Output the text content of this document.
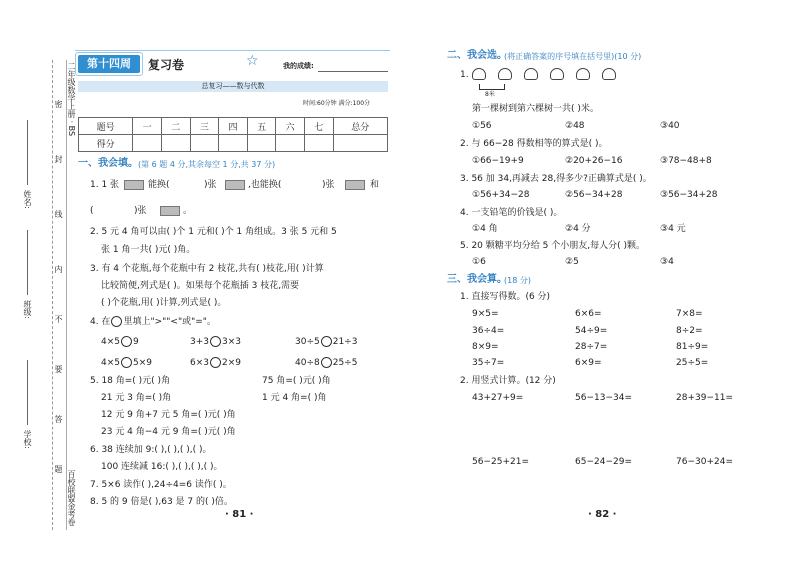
姓名:
班级:
学校:
密
封
线
内
不
要
答
题
二年级数学上册 · BS
百校联盟金考卷
第十四周	复习卷	☆	我的成绩:
总复习——数与代数
时间:60分钟 满分:100分
题号	一	二	三	四	五	六	七	总分
得分								
一、我会填。 (第 6 题 4 分,其余每空 1 分,共 37 分)
1. 1 张	能换(	)张	,也能换(	)张	和
(	)张	。
2. 5 元 4 角可以由( )个 1 元和( )个 1 角组成。3 张 5 元和 5
张 1 角一共( )元( )角。
3. 有 4 个花瓶,每个花瓶中有 2 枝花,共有( )枝花,用( )计算
比较简便,列式是( )。如果每个花瓶插 3 枝花,需要
( )个花瓶,用( )计算,列式是( )。
4. 在 里填上">""<"或"="。
4×5 9	3+3 3×3	30÷5 21÷3
4×5 5×9	6×3 2×9	40÷8 25÷5
5. 18 角=( )元( )角	75 角=( )元( )角
21 元 3 角=( )角	1 元 4 角=( )角
12 元 9 角+7 元 5 角=( )元( )角
23 元 4 角−4 元 9 角=( )元( )角
6. 38 连续加 9:( ),( ),( ),( )。
100 连续减 16:( ),( ),( ),( )。
7. 5×6 读作( ),24÷4=6 读作( )。
8. 5 的 9 倍是( ),63 是 7 的( )倍。
· 81 ·
二、我会选。
(将正确答案的序号填在括号里)(10 分)
1.
8米
第一棵树到第六棵树一共( )米。
①56	②48	③40
2. 与 66−28 得数相等的算式是( )。
①66−19+9	②20+26−16	③78−48+8
3. 56 加 34,再减去 28,得多少?正确算式是( )。
①56+34−28	②56−34+28	③56−34+28
4. 一支铅笔的价钱是( )。
①4 角	②4 分	③4 元
5. 20 颗糖平均分给 5 个小朋友,每人分( )颗。
①6	②5	③4
三、我会算。
(18 分)
1. 直接写得数。(6 分)
9×5=	6×6=	7×8=
36÷4=	54÷9=	8÷2=
8×9=	28÷7=	81÷9=
35÷7=	6×9=	25÷5=
2. 用竖式计算。(12 分)
43+27+9=	56−13−34=	28+39−11=
56−25+21=	65−24−29=	76−30+24=
· 82 ·
